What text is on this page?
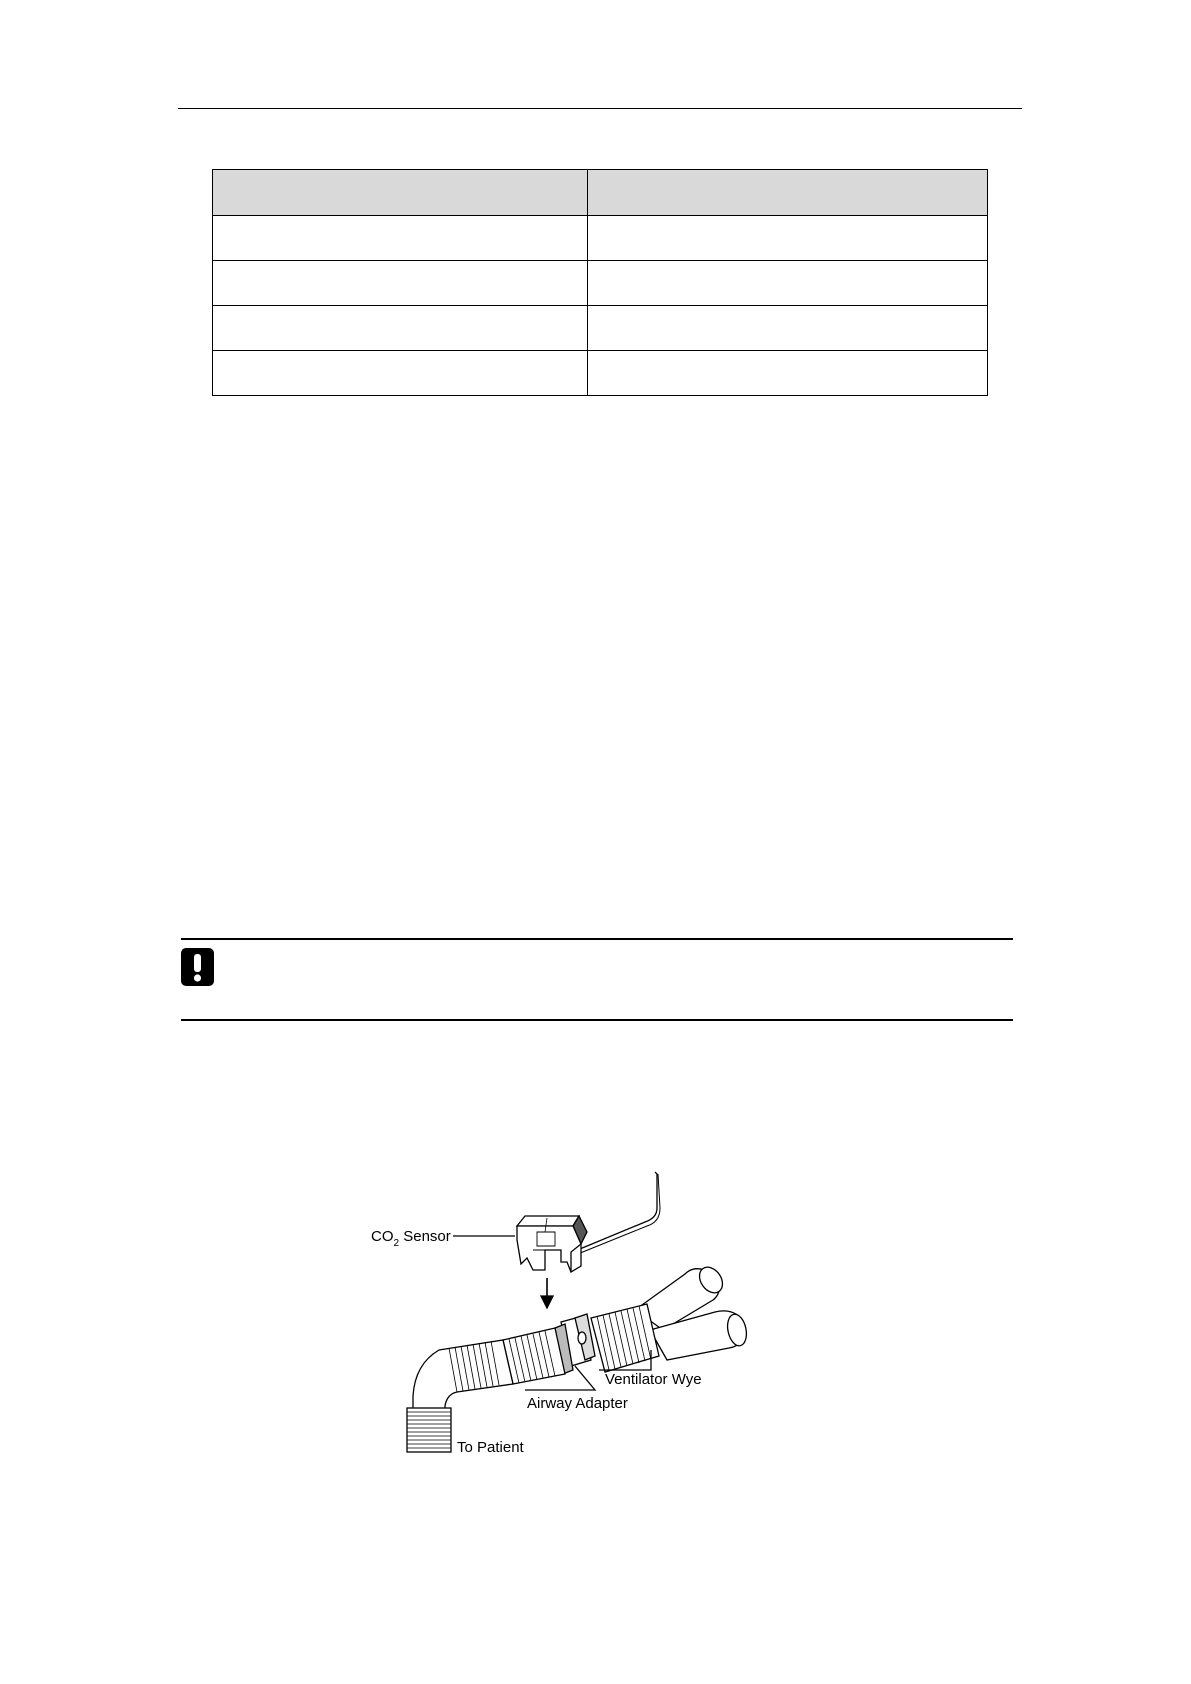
$CO_2$ Sensor
Ventilator Wye
Airway Adapter
To Patient
